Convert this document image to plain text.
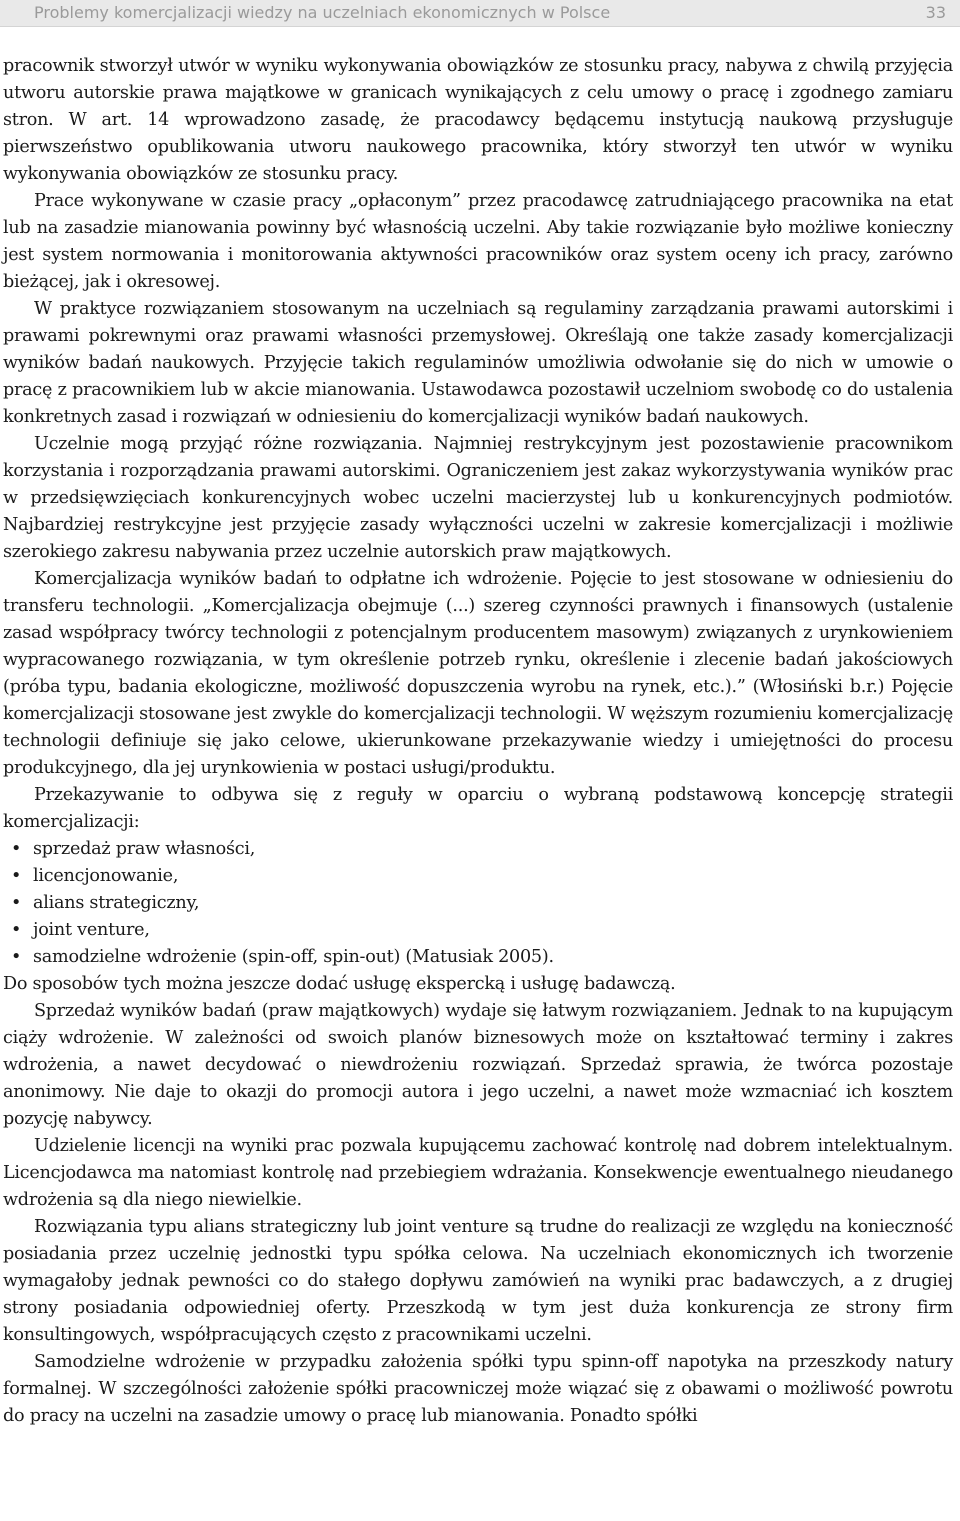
Problemy komercjalizacji wiedzy na uczelniach ekonomicznych w Polsce	33

pracownik stworzył utwór w wyniku wykonywania obowiązków ze stosunku pracy, nabywa z chwilą przyjęcia utworu autorskie prawa majątkowe w granicach wynikających z celu umowy o pracę i zgodnego zamiaru stron. W art. 14 wprowadzono zasadę, że pracodawcy będącemu instytucją naukową przysługuje pierwszeństwo opublikowania utworu naukowego pracownika, który stworzył ten utwór w wyniku wykonywania obowiązków ze stosunku pracy.

Prace wykonywane w czasie pracy „opłaconym” przez pracodawcę zatrudniającego pracownika na etat lub na zasadzie mianowania powinny być własnością uczelni. Aby takie rozwiązanie było możliwe konieczny jest system normowania i monitorowania aktywności pracowników oraz system oceny ich pracy, zarówno bieżącej, jak i okresowej.

W praktyce rozwiązaniem stosowanym na uczelniach są regulaminy zarządzania prawami autorskimi i prawami pokrewnymi oraz prawami własności przemysłowej. Określają one także zasady komercjalizacji wyników badań naukowych. Przyjęcie takich regulaminów umożliwia odwołanie się do nich w umowie o pracę z pracownikiem lub w akcie mianowania. Ustawodawca pozostawił uczelniom swobodę co do ustalenia konkretnych zasad i rozwiązań w odniesieniu do komercjalizacji wyników badań naukowych.

Uczelnie mogą przyjąć różne rozwiązania. Najmniej restrykcyjnym jest pozostawienie pracownikom korzystania i rozporządzania prawami autorskimi. Ograniczeniem jest zakaz wykorzystywania wyników prac w przedsięwzięciach konkurencyjnych wobec uczelni macierzystej lub u konkurencyjnych podmiotów. Najbardziej restrykcyjne jest przyjęcie zasady wyłączności uczelni w zakresie komercjalizacji i możliwie szerokiego zakresu nabywania przez uczelnie autorskich praw majątkowych.

Komercjalizacja wyników badań to odpłatne ich wdrożenie. Pojęcie to jest stosowane w odniesieniu do transferu technologii. „Komercjalizacja obejmuje (...) szereg czynności prawnych i finansowych (ustalenie zasad współpracy twórcy technologii z potencjalnym producentem masowym) związanych z urynkowieniem wypracowanego rozwiązania, w tym określenie potrzeb rynku, określenie i zlecenie badań jakościowych (próba typu, badania ekologiczne, możliwość dopuszczenia wyrobu na rynek, etc.).” (Włosiński b.r.) Pojęcie komercjalizacji stosowane jest zwykle do komercjalizacji technologii. W węższym rozumieniu komercjalizację technologii definiuje się jako celowe, ukierunkowane przekazywanie wiedzy i umiejętności do procesu produkcyjnego, dla jej urynkowienia w postaci usługi/produktu.

Przekazywanie to odbywa się z reguły w oparciu o wybraną podstawową koncepcję strategii komercjalizacji:

• sprzedaż praw własności,
• licencjonowanie,
• alians strategiczny,
• joint venture,
• samodzielne wdrożenie (spin-off, spin-out) (Matusiak 2005).

Do sposobów tych można jeszcze dodać usługę ekspercką i usługę badawczą.

Sprzedaż wyników badań (praw majątkowych) wydaje się łatwym rozwiązaniem. Jednak to na kupującym ciąży wdrożenie. W zależności od swoich planów biznesowych może on kształtować terminy i zakres wdrożenia, a nawet decydować o niewdrożeniu rozwiązań. Sprzedaż sprawia, że twórca pozostaje anonimowy. Nie daje to okazji do promocji autora i jego uczelni, a nawet może wzmacniać ich kosztem pozycję nabywcy.

Udzielenie licencji na wyniki prac pozwala kupującemu zachować kontrolę nad dobrem intelektualnym. Licencjodawca ma natomiast kontrolę nad przebiegiem wdrażania. Konsekwencje ewentualnego nieudanego wdrożenia są dla niego niewielkie.

Rozwiązania typu alians strategiczny lub joint venture są trudne do realizacji ze względu na konieczność posiadania przez uczelnię jednostki typu spółka celowa. Na uczelniach ekonomicznych ich tworzenie wymagałoby jednak pewności co do stałego dopływu zamówień na wyniki prac badawczych, a z drugiej strony posiadania odpowiedniej oferty. Przeszkodą w tym jest duża konkurencja ze strony firm konsultingowych, współpracujących często z pracownikami uczelni.

Samodzielne wdrożenie w przypadku założenia spółki typu spinn-off napotyka na przeszkody natury formalnej. W szczególności założenie spółki pracowniczej może wiązać się z obawami o możliwość powrotu do pracy na uczelni na zasadzie umowy o pracę lub mianowania. Ponadto spółki
